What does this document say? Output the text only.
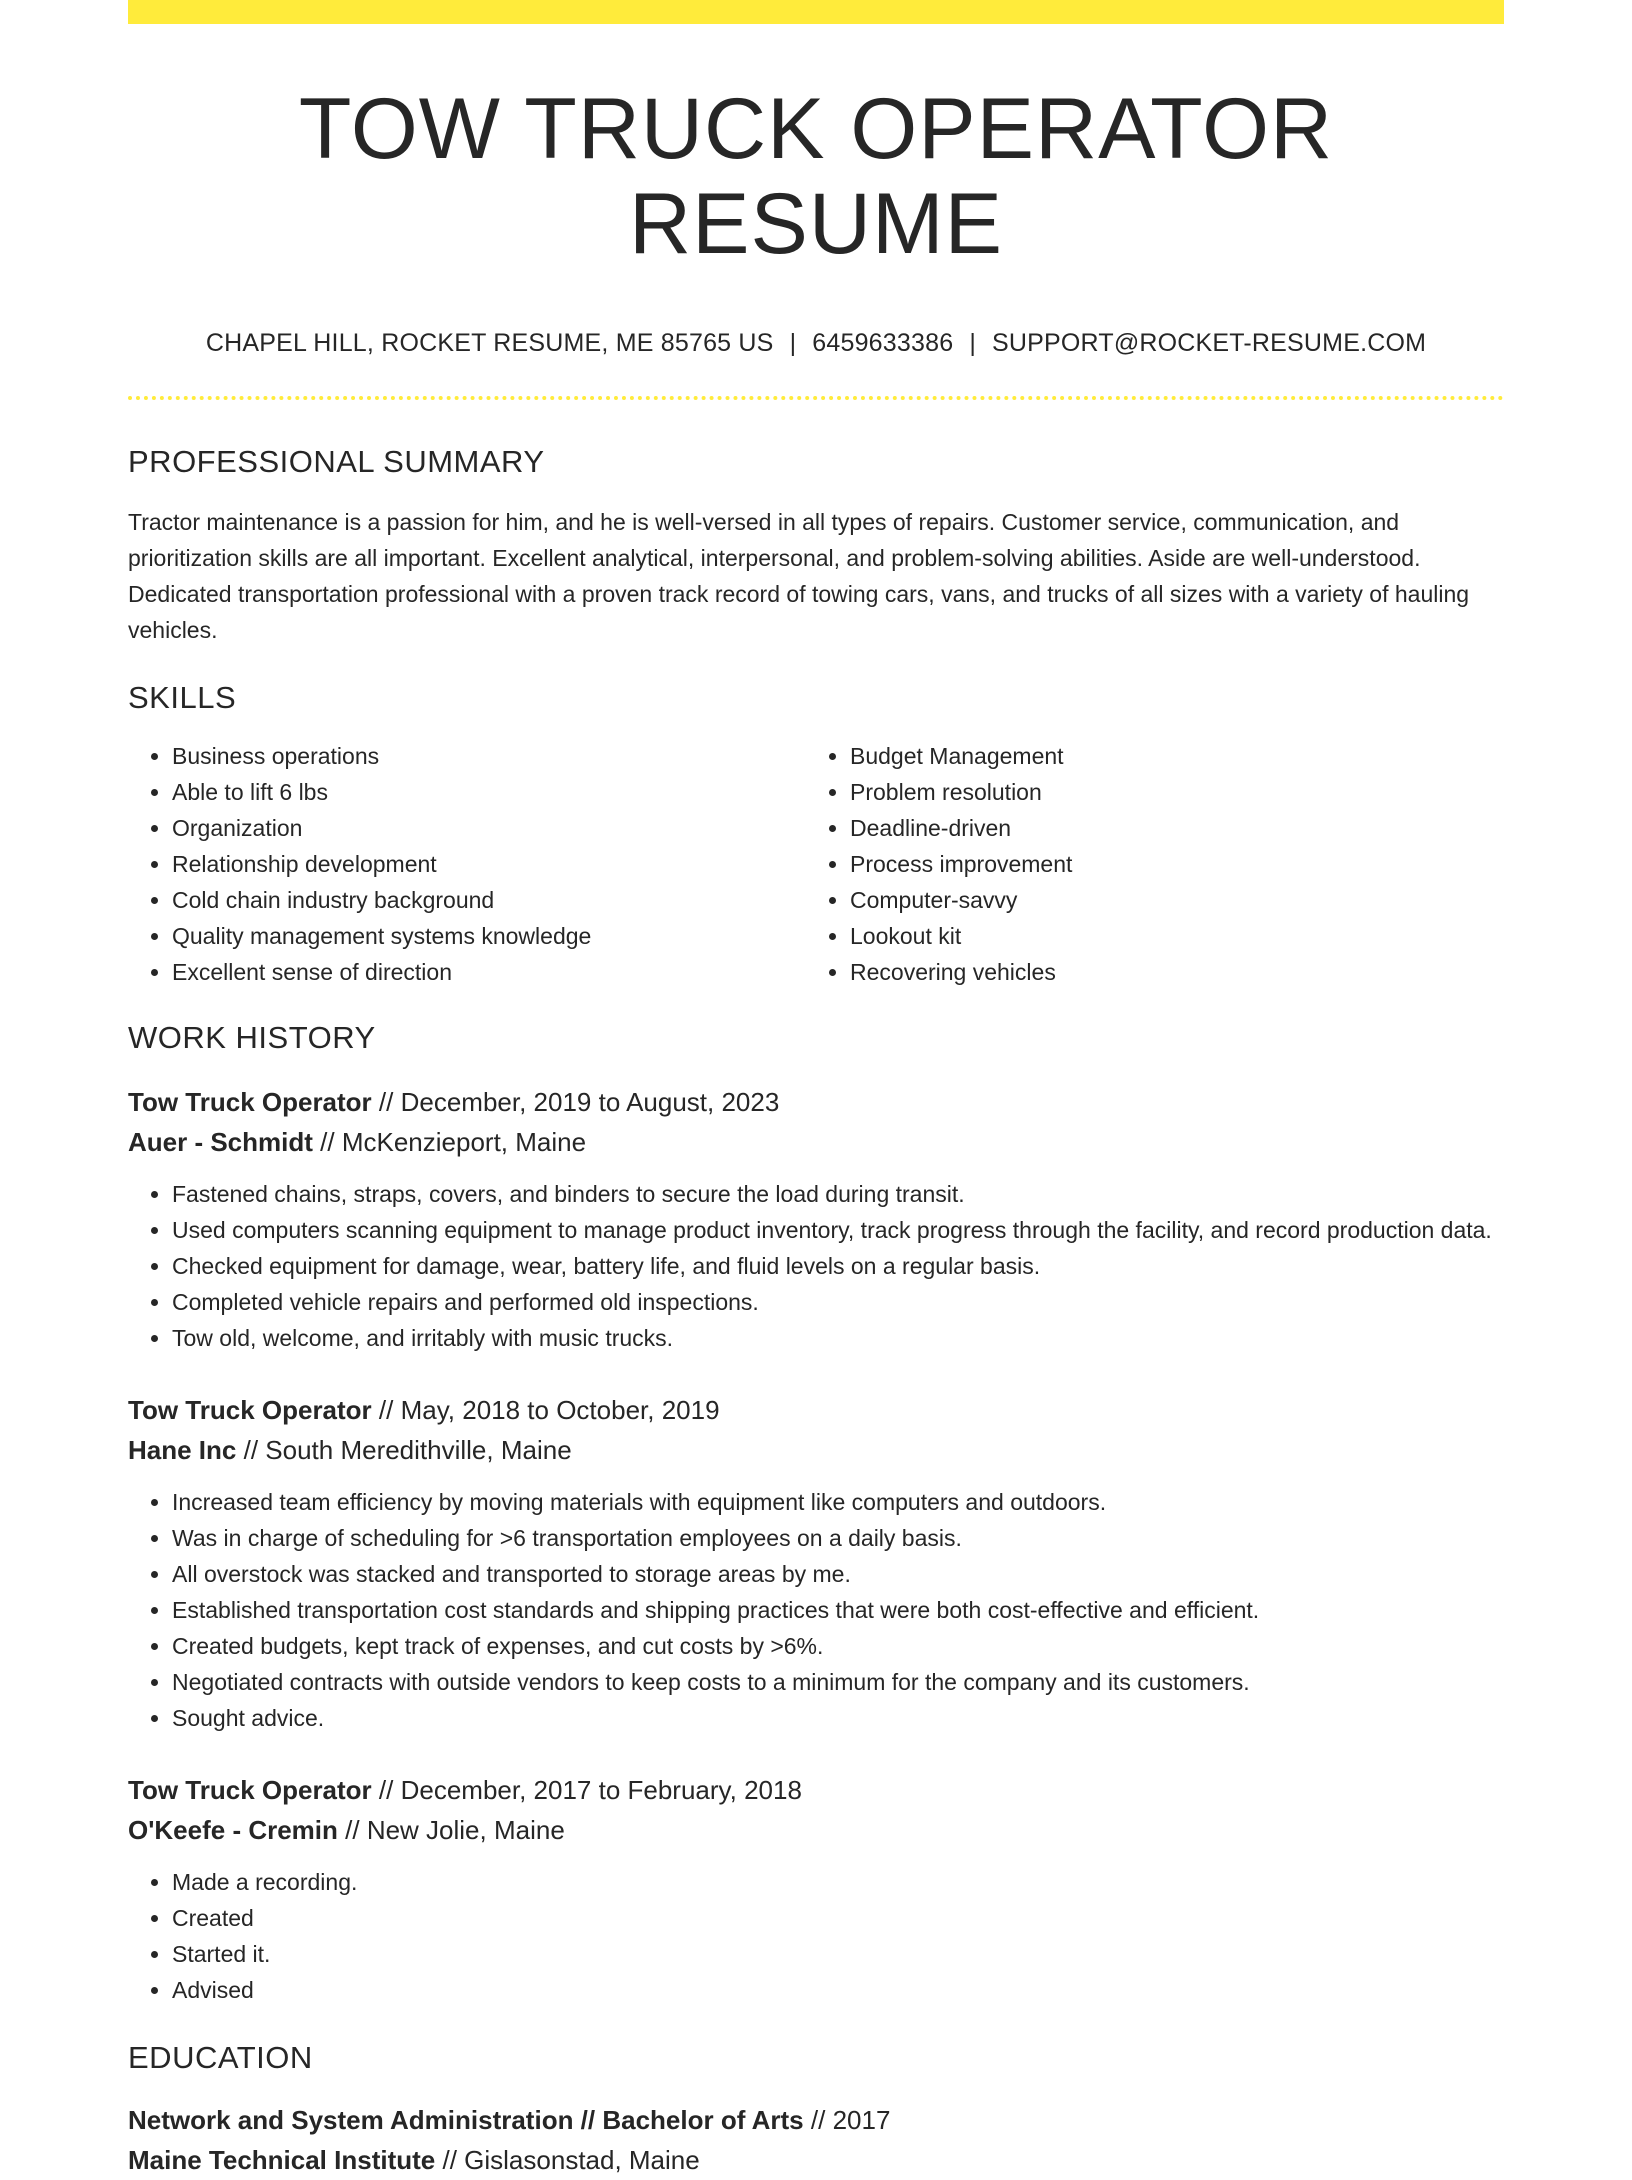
TOW TRUCK OPERATOR RESUME
CHAPEL HILL, ROCKET RESUME, ME 85765 US | 6459633386 | SUPPORT@ROCKET-RESUME.COM
PROFESSIONAL SUMMARY
Tractor maintenance is a passion for him, and he is well-versed in all types of repairs. Customer service, communication, and prioritization skills are all important. Excellent analytical, interpersonal, and problem-solving abilities. Aside are well-understood. Dedicated transportation professional with a proven track record of towing cars, vans, and trucks of all sizes with a variety of hauling vehicles.
SKILLS
• Business operations
• Able to lift 6 lbs
• Organization
• Relationship development
• Cold chain industry background
• Quality management systems knowledge
• Excellent sense of direction
• Budget Management
• Problem resolution
• Deadline-driven
• Process improvement
• Computer-savvy
• Lookout kit
• Recovering vehicles
WORK HISTORY
Tow Truck Operator // December, 2019 to August, 2023
Auer - Schmidt // McKenzieport, Maine
• Fastened chains, straps, covers, and binders to secure the load during transit.
• Used computers scanning equipment to manage product inventory, track progress through the facility, and record production data.
• Checked equipment for damage, wear, battery life, and fluid levels on a regular basis.
• Completed vehicle repairs and performed old inspections.
• Tow old, welcome, and irritably with music trucks.
Tow Truck Operator // May, 2018 to October, 2019
Hane Inc // South Meredithville, Maine
• Increased team efficiency by moving materials with equipment like computers and outdoors.
• Was in charge of scheduling for >6 transportation employees on a daily basis.
• All overstock was stacked and transported to storage areas by me.
• Established transportation cost standards and shipping practices that were both cost-effective and efficient.
• Created budgets, kept track of expenses, and cut costs by >6%.
• Negotiated contracts with outside vendors to keep costs to a minimum for the company and its customers.
• Sought advice.
Tow Truck Operator // December, 2017 to February, 2018
O'Keefe - Cremin // New Jolie, Maine
• Made a recording.
• Created
• Started it.
• Advised
EDUCATION
Network and System Administration // Bachelor of Arts // 2017
Maine Technical Institute // Gislasonstad, Maine
